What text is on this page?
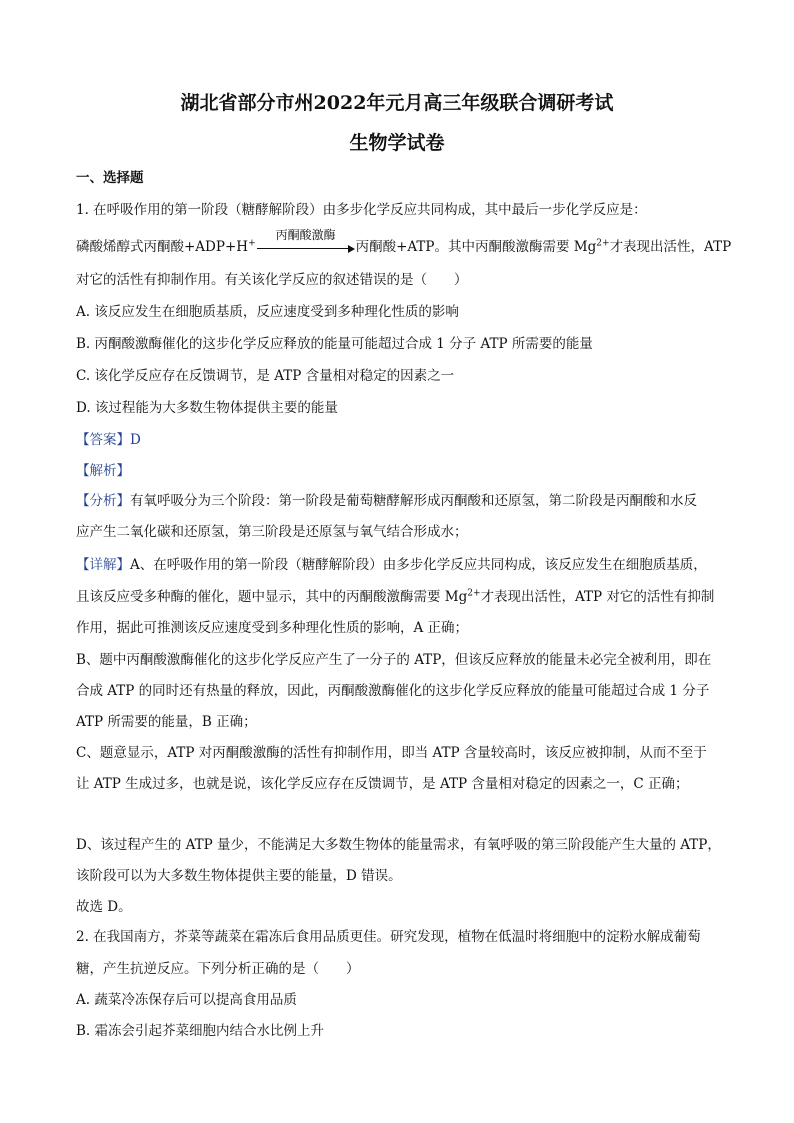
湖北省部分市州2022年元月高三年级联合调研考试
生物学试卷
一、选择题
1. 在呼吸作用的第一阶段（糖酵解阶段）由多步化学反应共同构成，其中最后一步化学反应是：
磷酸烯醇式丙酮酸+ADP+H+
丙酮酸激酶
丙酮酸+ATP。其中丙酮酸激酶需要 $Mg^{2+}$才表现出活性，ATP
对它的活性有抑制作用。有关该化学反应的叙述错误的是（　　）
A. 该反应发生在细胞质基质，反应速度受到多种理化性质的影响
B. 丙酮酸激酶催化的这步化学反应释放的能量可能超过合成 1 分子 ATP 所需要的能量
C. 该化学反应存在反馈调节，是 ATP 含量相对稳定的因素之一
D. 该过程能为大多数生物体提供主要的能量
【答案】D
【解析】
【分析】有氧呼吸分为三个阶段：第一阶段是葡萄糖酵解形成丙酮酸和还原氢，第二阶段是丙酮酸和水反
应产生二氧化碳和还原氢，第三阶段是还原氢与氧气结合形成水；
【详解】A、在呼吸作用的第一阶段（糖酵解阶段）由多步化学反应共同构成，该反应发生在细胞质基质，
且该反应受多种酶的催化，题中显示，其中的丙酮酸激酶需要 $Mg^{2+}$才表现出活性，ATP 对它的活性有抑制
作用，据此可推测该反应速度受到多种理化性质的影响，A 正确；
B、题中丙酮酸激酶催化的这步化学反应产生了一分子的 ATP，但该反应释放的能量未必完全被利用，即在
合成 ATP 的同时还有热量的释放，因此，丙酮酸激酶催化的这步化学反应释放的能量可能超过合成 1 分子
ATP 所需要的能量，B 正确；
C、题意显示，ATP 对丙酮酸激酶的活性有抑制作用，即当 ATP 含量较高时，该反应被抑制，从而不至于
让 ATP 生成过多，也就是说，该化学反应存在反馈调节，是 ATP 含量相对稳定的因素之一，C 正确；
D、该过程产生的 ATP 量少，不能满足大多数生物体的能量需求，有氧呼吸的第三阶段能产生大量的 ATP，
该阶段可以为大多数生物体提供主要的能量，D 错误。
故选 D。
2. 在我国南方，芥菜等蔬菜在霜冻后食用品质更佳。研究发现，植物在低温时将细胞中的淀粉水解成葡萄
糖，产生抗逆反应。下列分析正确的是（　　）
A. 蔬菜冷冻保存后可以提高食用品质
B. 霜冻会引起芥菜细胞内结合水比例上升
